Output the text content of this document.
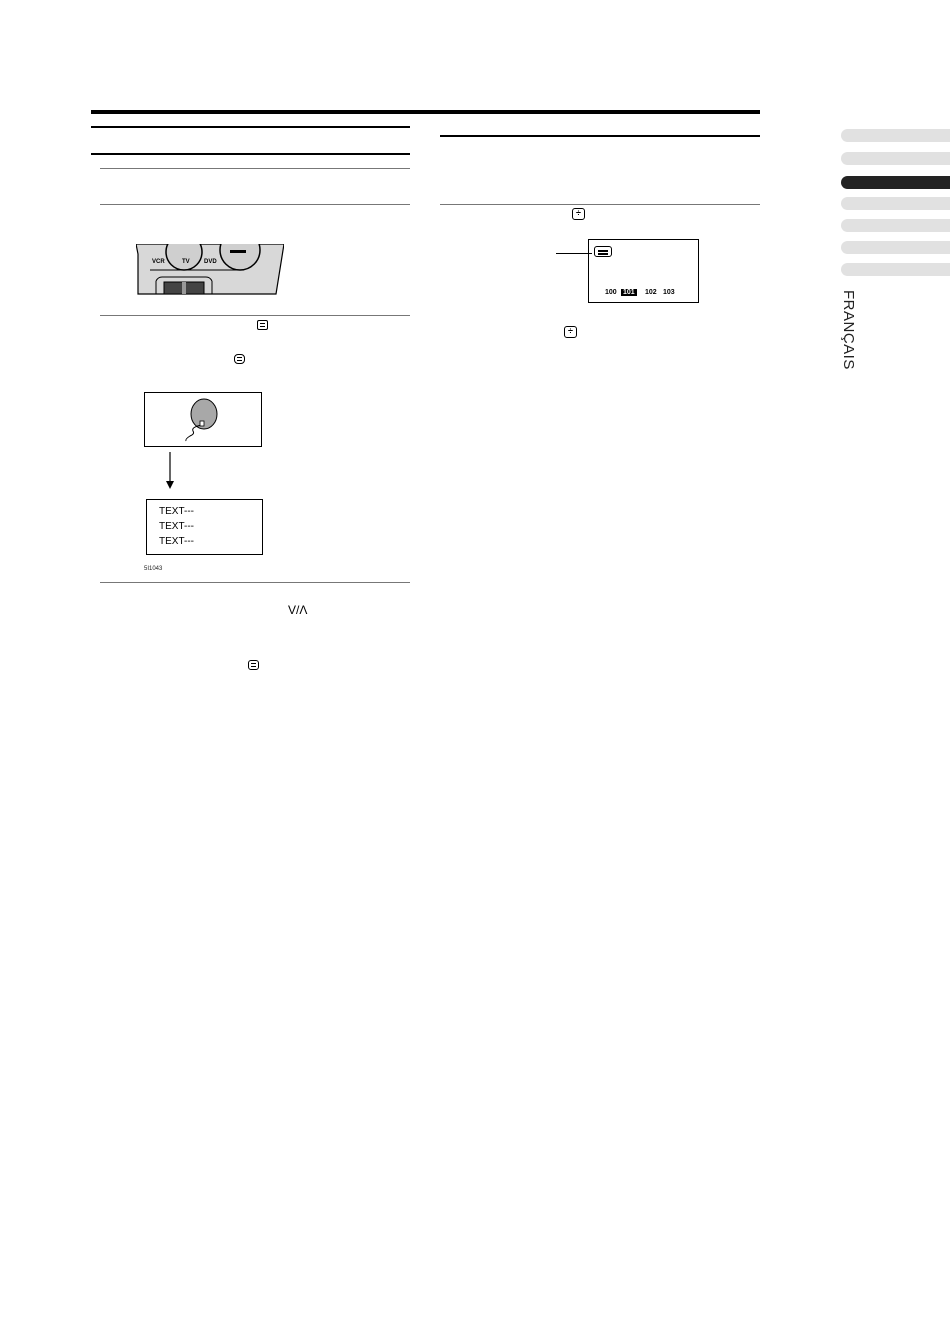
VCR	TV DVD
TEXT---
TEXT---
TEXT---
5I1043
V/Λ
÷
÷
100 101 102 103	FRANÇAIS
